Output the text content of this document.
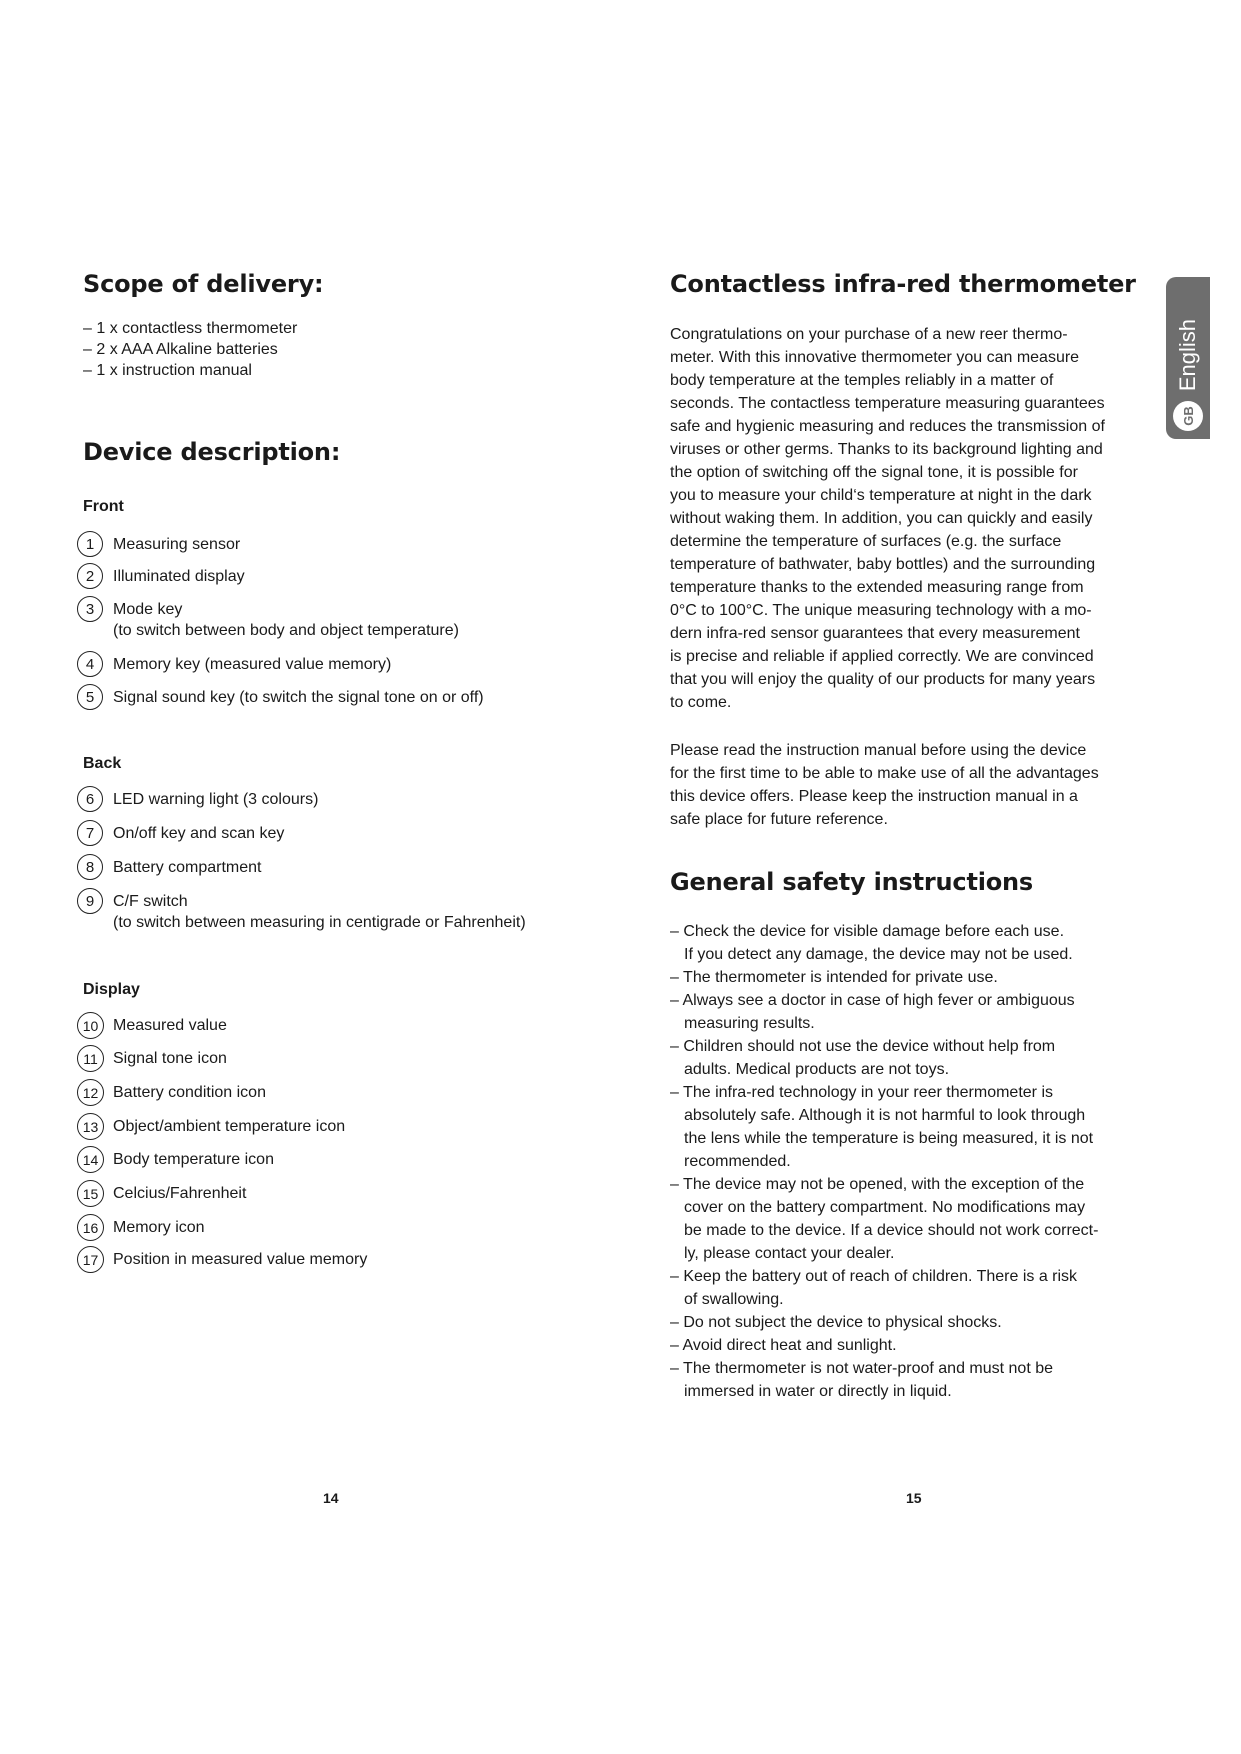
Scope of delivery:
– 1 x contactless thermometer
– 2 x AAA Alkaline batteries
– 1 x instruction manual
Device description:
Front
1	Measuring sensor
2	Illuminated display
3	Mode key
(to switch between body and object temperature)
4	Memory key (measured value memory)
5	Signal sound key (to switch the signal tone on or off)
Back
6	LED warning light (3 colours)
7	On/off key and scan key
8	Battery compartment
9	C/F switch
(to switch between measuring in centigrade or Fahrenheit)
Display
10 Measured value
11 Signal tone icon
12 Battery condition icon
13 Object/ambient temperature icon
14 Body temperature icon
15 Celcius/Fahrenheit
16 Memory icon
17 Position in measured value memory
14
Contactless infra-red thermometer
Congratulations on your purchase of a new reer thermo-
meter. With this innovative thermometer you can measure
body temperature at the temples reliably in a matter of
seconds. The contactless temperature measuring guarantees
safe and hygienic measuring and reduces the transmission of
viruses or other germs. Thanks to its background lighting and
the option of switching off the signal tone, it is possible for
you to measure your child‘s temperature at night in the dark
without waking them. In addition, you can quickly and easily
determine the temperature of surfaces (e.g. the surface
temperature of bathwater, baby bottles) and the surrounding
temperature thanks to the extended measuring range from
0°C to 100°C. The unique measuring technology with a mo-
dern infra-red sensor guarantees that every measurement
is precise and reliable if applied correctly. We are convinced
that you will enjoy the quality of our products for many years
to come.
Please read the instruction manual before using the device
for the first time to be able to make use of all the advantages
this device offers. Please keep the instruction manual in a
safe place for future reference.
General safety instructions
– Check the device for visible damage before each use.
If you detect any damage, the device may not be used.
– The thermometer is intended for private use.
– Always see a doctor in case of high fever or ambiguous
measuring results.
– Children should not use the device without help from
adults. Medical products are not toys.
– The infra-red technology in your reer thermometer is
absolutely safe. Although it is not harmful to look through
the lens while the temperature is being measured, it is not
recommended.
– The device may not be opened, with the exception of the
cover on the battery compartment. No modifications may
be made to the device. If a device should not work correct-
ly, please contact your dealer.
– Keep the battery out of reach of children. There is a risk
of swallowing.
– Do not subject the device to physical shocks.
– Avoid direct heat and sunlight.
– The thermometer is not water-proof and must not be
immersed in water or directly in liquid.
15
English
GB
